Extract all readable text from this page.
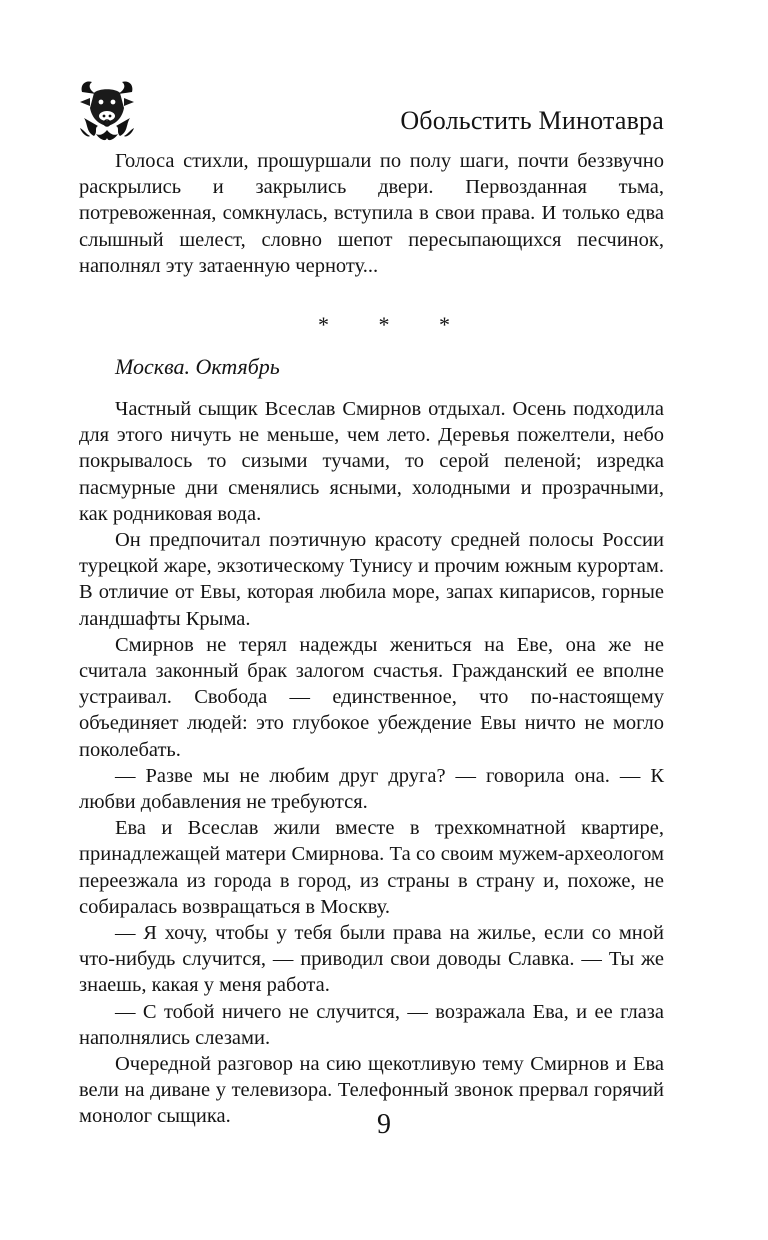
Обольстить Минотавра

Голоса стихли, прошуршали по полу шаги, почти беззвучно раскрылись и закрылись двери. Первозданная тьма, потревоженная, сомкнулась, вступила в свои права. И только едва слышный шелест, словно шепот пересыпающихся песчинок, наполнял эту затаенную черноту...

* * *
Москва. Октябрь

Частный сыщик Всеслав Смирнов отдыхал. Осень подходила для этого ничуть не меньше, чем лето. Деревья пожелтели, небо покрывалось то сизыми тучами, то серой пеленой; изредка пасмурные дни сменялись ясными, холодными и прозрачными, как родниковая вода.

Он предпочитал поэтичную красоту средней полосы России турецкой жаре, экзотическому Тунису и прочим южным курортам. В отличие от Евы, которая любила море, запах кипарисов, горные ландшафты Крыма.

Смирнов не терял надежды жениться на Еве, она же не считала законный брак залогом счастья. Гражданский ее вполне устраивал. Свобода — единственное, что по-настоящему объединяет людей: это глубокое убеждение Евы ничто не могло поколебать.

— Разве мы не любим друг друга? — говорила она. — К любви добавления не требуются.

Ева и Всеслав жили вместе в трехкомнатной квартире, принадлежащей матери Смирнова. Та со своим мужем-археологом переезжала из города в город, из страны в страну и, похоже, не собиралась возвращаться в Москву.

— Я хочу, чтобы у тебя были права на жилье, если со мной что-нибудь случится, — приводил свои доводы Славка. — Ты же знаешь, какая у меня работа.

— С тобой ничего не случится, — возражала Ева, и ее глаза наполнялись слезами.

Очередной разговор на сию щекотливую тему Смирнов и Ева вели на диване у телевизора. Телефонный звонок прервал горячий монолог сыщика.	9
